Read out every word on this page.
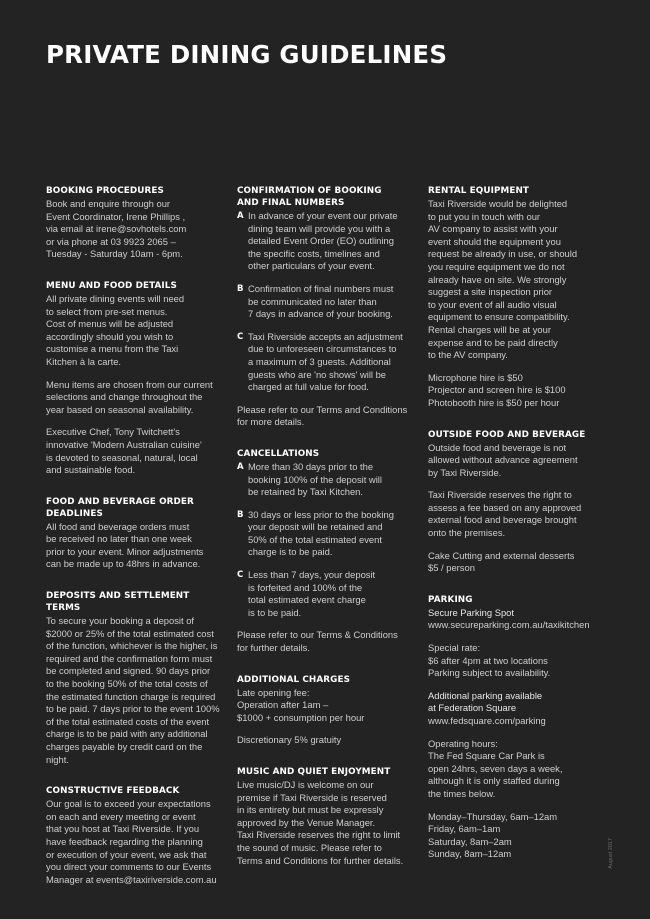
PRIVATE DINING GUIDELINES
BOOKING PROCEDURES
Book and enquire through our
Event Coordinator, Irene Phillips ,
via email at irene@sovhotels.com
or via phone at 03 9923 2065 –
Tuesday - Saturday 10am - 6pm.
MENU AND FOOD DETAILS
All private dining events will need
to select from pre-set menus.
Cost of menus will be adjusted
accordingly should you wish to
customise a menu from the Taxi
Kitchen à la carte.
Menu items are chosen from our current
selections and change throughout the
year based on seasonal availability.
Executive Chef, Tony Twitchett's
innovative 'Modern Australian cuisine'
is devoted to seasonal, natural, local
and sustainable food.
FOOD AND BEVERAGE ORDER DEADLINES
All food and beverage orders must
be received no later than one week
prior to your event. Minor adjustments
can be made up to 48hrs in advance.
DEPOSITS AND SETTLEMENT TERMS
To secure your booking a deposit of
$2000 or 25% of the total estimated cost
of the function, whichever is the higher, is
required and the confirmation form must
be completed and signed. 90 days prior
to the booking 50% of the total costs of
the estimated function charge is required
to be paid. 7 days prior to the event 100%
of the total estimated costs of the event
charge is to be paid with any additional
charges payable by credit card on the night.
CONSTRUCTIVE FEEDBACK
Our goal is to exceed your expectations
on each and every meeting or event
that you host at Taxi Riverside. If you
have feedback regarding the planning
or execution of your event, we ask that
you direct your comments to our Events
Manager at events@taxiriverside.com.au
CONFIRMATION OF BOOKING
AND FINAL NUMBERS
A In advance of your event our private
dining team will provide you with a
detailed Event Order (EO) outlining
the specific costs, timelines and
other particulars of your event.
B Confirmation of final numbers must
be communicated no later than
7 days in advance of your booking.
C Taxi Riverside accepts an adjustment
due to unforeseen circumstances to
a maximum of 3 guests. Additional
guests who are 'no shows' will be
charged at full value for food.
Please refer to our Terms and Conditions
for more details.
CANCELLATIONS
A More than 30 days prior to the
booking 100% of the deposit will
be retained by Taxi Kitchen.
B 30 days or less prior to the booking
your deposit will be retained and
50% of the total estimated event
charge is to be paid.
C Less than 7 days, your deposit
is forfeited and 100% of the
total estimated event charge
is to be paid.
Please refer to our Terms & Conditions
for further details.
ADDITIONAL CHARGES
Late opening fee:
Operation after 1am –
$1000 + consumption per hour
Discretionary 5% gratuity
MUSIC AND QUIET ENJOYMENT
Live music/DJ is welcome on our
premise if Taxi Riverside is reserved
in its entirety but must be expressly
approved by the Venue Manager.
Taxi Riverside reserves the right to limit
the sound of music. Please refer to
Terms and Conditions for further details.
RENTAL EQUIPMENT
Taxi Riverside would be delighted
to put you in touch with our
AV company to assist with your
event should the equipment you
request be already in use, or should
you require equipment we do not
already have on site. We strongly
suggest a site inspection prior
to your event of all audio visual
equipment to ensure compatibility.
Rental charges will be at your
expense and to be paid directly
to the AV company.
Microphone hire is $50
Projector and screen hire is $100
Photobooth hire is $50 per hour
OUTSIDE FOOD AND BEVERAGE
Outside food and beverage is not
allowed without advance agreement
by Taxi Riverside.
Taxi Riverside reserves the right to
assess a fee based on any approved
external food and beverage brought
onto the premises.
Cake Cutting and external desserts
$5 / person
PARKING
Secure Parking Spot
www.secureparking.com.au/taxikitchen
Special rate:
$6 after 4pm at two locations
Parking subject to availability.
Additional parking available
at Federation Square
www.fedsquare.com/parking
Operating hours:
The Fed Square Car Park is
open 24hrs, seven days a week,
although it is only staffed during
the times below.
Monday–Thursday, 6am–12am
Friday, 6am–1am
Saturday, 8am–2am
Sunday, 8am–12am	August 2017
